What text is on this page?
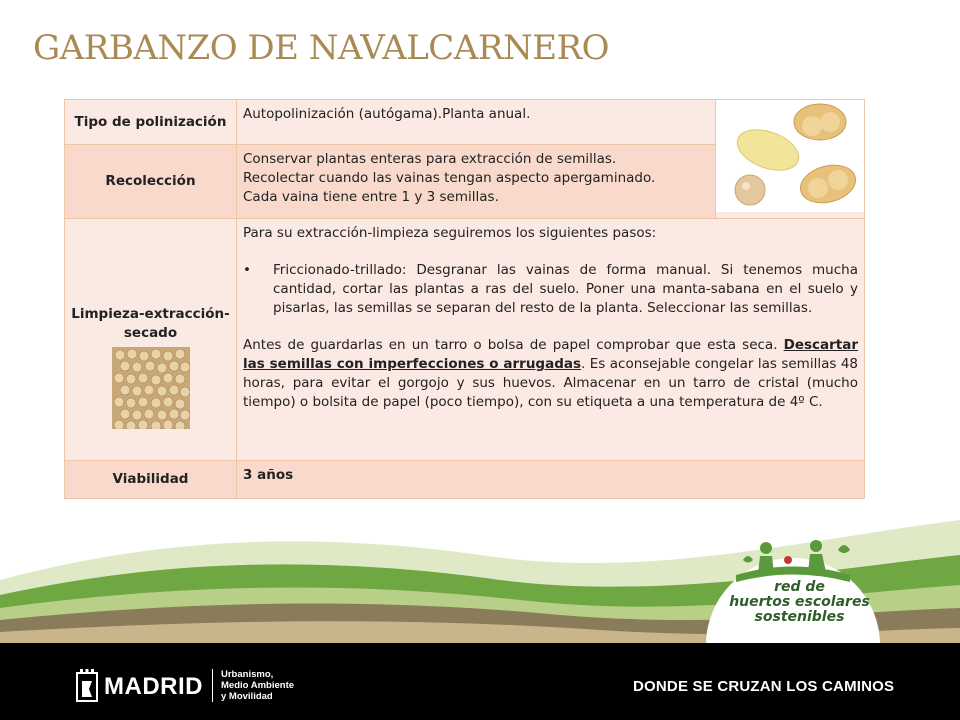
GARBANZO DE NAVALCARNERO
Tipo de polinización	Autopolinización (autógama).Planta anual.	
Recolección	Conservar plantas enteras para extracción de semillas.
Recolectar cuando las vainas tengan aspecto apergaminado.
Cada vaina tiene entre 1 y 3 semillas.	

Limpieza-extracción-secado	Para su extracción-limpieza seguiremos los siguientes pasos:
• Friccionado-trillado: Desgranar las vainas de forma manual. Si tenemos mucha cantidad, cortar las plantas a ras del suelo. Poner una manta-sabana en el suelo y pisarlas, las semillas se separan del resto de la planta. Seleccionar las semillas.
Antes de guardarlas en un tarro o bolsa de papel comprobar que esta seca. Descartar las semillas con imperfecciones o arrugadas. Es aconsejable congelar las semillas 48 horas, para evitar el gorgojo y sus huevos. Almacenar en un tarro de cristal (mucho tiempo) o bolsita de papel (poco tiempo), con su etiqueta a una temperatura de 4º C.	

Viabilidad	3 años	
red de
huertos escolares
sostenibles
MADRID Urbanismo,
Medio Ambiente
y Movilidad
DONDE SE CRUZAN LOS CAMINOS
